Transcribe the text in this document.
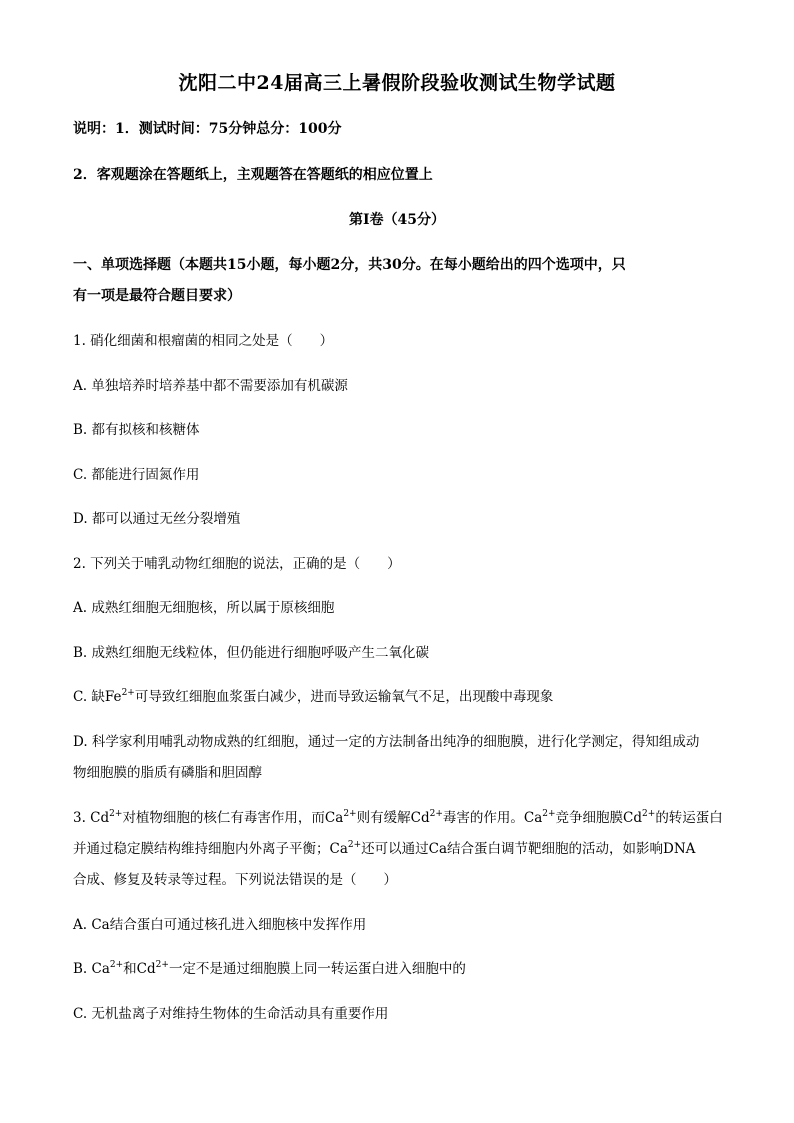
沈阳二中24届高三上暑假阶段验收测试生物学试题
说明：1．测试时间：75分钟总分：100分
2．客观题涂在答题纸上，主观题答在答题纸的相应位置上
第I卷（45分）
一、单项选择题（本题共15小题，每小题2分，共30分。在每小题给出的四个选项中，只
有一项是最符合题目要求）
1. 硝化细菌和根瘤菌的相同之处是（　　）
A. 单独培养时培养基中都不需要添加有机碳源
B. 都有拟核和核糖体
C. 都能进行固氮作用
D. 都可以通过无丝分裂增殖
2. 下列关于哺乳动物红细胞的说法，正确的是（　　）
A. 成熟红细胞无细胞核，所以属于原核细胞
B. 成熟红细胞无线粒体，但仍能进行细胞呼吸产生二氧化碳
C. 缺$Fe^{2+}$可导致红细胞血浆蛋白减少，进而导致运输氧气不足，出现酸中毒现象
D. 科学家利用哺乳动物成熟的红细胞，通过一定的方法制备出纯净的细胞膜，进行化学测定，得知组成动
物细胞膜的脂质有磷脂和胆固醇
3. $Cd^{2+}$对植物细胞的核仁有毒害作用，而$Ca^{2+}$则有缓解$Cd^{2+}$毒害的作用。$Ca^{2+}$竞争细胞膜$Cd^{2+}$的转运蛋白
并通过稳定膜结构维持细胞内外离子平衡；$Ca^{2+}$还可以通过Ca结合蛋白调节靶细胞的活动，如影响DNA
合成、修复及转录等过程。下列说法错误的是（　　）
A. Ca结合蛋白可通过核孔进入细胞核中发挥作用
B. $Ca^{2+}$和$Cd^{2+}$一定不是通过细胞膜上同一转运蛋白进入细胞中的
C. 无机盐离子对维持生物体的生命活动具有重要作用
